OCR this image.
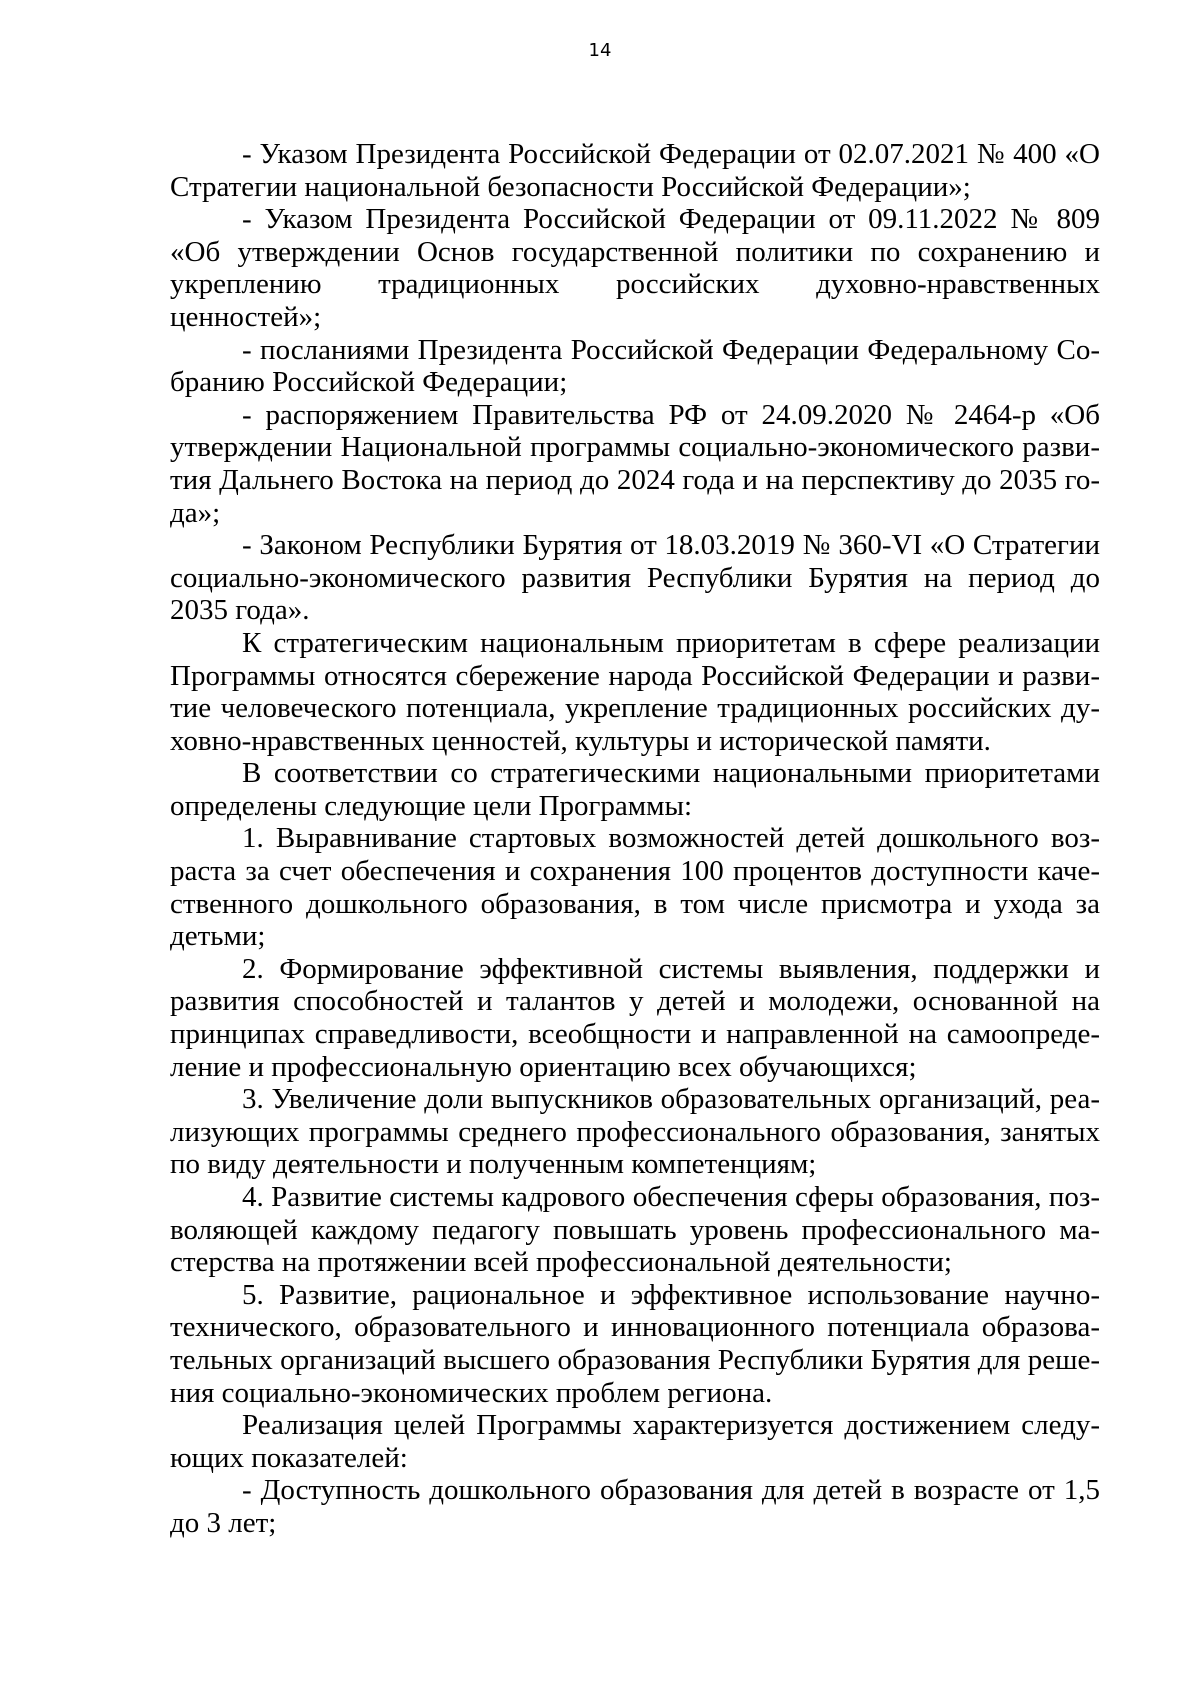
14

- Указом Президента Российской Федерации от 02.07.2021 № 400 «О Стратегии национальной безопасности Российской Федерации»;

- Указом Президента Российской Федерации от 09.11.2022 № 809 «Об утверждении Основ государственной политики по сохранению и укреплению традиционных российских духовно-нравственных ценностей»;

- посланиями Президента Российской Федерации Федеральному Собранию Российской Федерации;

- распоряжением Правительства РФ от 24.09.2020 № 2464-р «Об утверждении Национальной программы социально-экономического развития Дальнего Востока на период до 2024 года и на перспективу до 2035 года»;

- Законом Республики Бурятия от 18.03.2019 № 360-VI «О Стратегии социально-экономического развития Республики Бурятия на период до 2035 года».

К стратегическим национальным приоритетам в сфере реализации Программы относятся сбережение народа Российской Федерации и развитие человеческого потенциала, укрепление традиционных российских духовно-нравственных ценностей, культуры и исторической памяти.

В соответствии со стратегическими национальными приоритетами определены следующие цели Программы:

1. Выравнивание стартовых возможностей детей дошкольного возраста за счет обеспечения и сохранения 100 процентов доступности качественного дошкольного образования, в том числе присмотра и ухода за детьми;

2. Формирование эффективной системы выявления, поддержки и развития способностей и талантов у детей и молодежи, основанной на принципах справедливости, всеобщности и направленной на самоопределение и профессиональную ориентацию всех обучающихся;

3. Увеличение доли выпускников образовательных организаций, реализующих программы среднего профессионального образования, занятых по виду деятельности и полученным компетенциям;

4. Развитие системы кадрового обеспечения сферы образования, позволяющей каждому педагогу повышать уровень профессионального мастерства на протяжении всей профессиональной деятельности;

5. Развитие, рациональное и эффективное использование научно-технического, образовательного и инновационного потенциала образовательных организаций высшего образования Республики Бурятия для решения социально-экономических проблем региона.

Реализация целей Программы характеризуется достижением следующих показателей:

- Доступность дошкольного образования для детей в возрасте от 1,5 до 3 лет;
